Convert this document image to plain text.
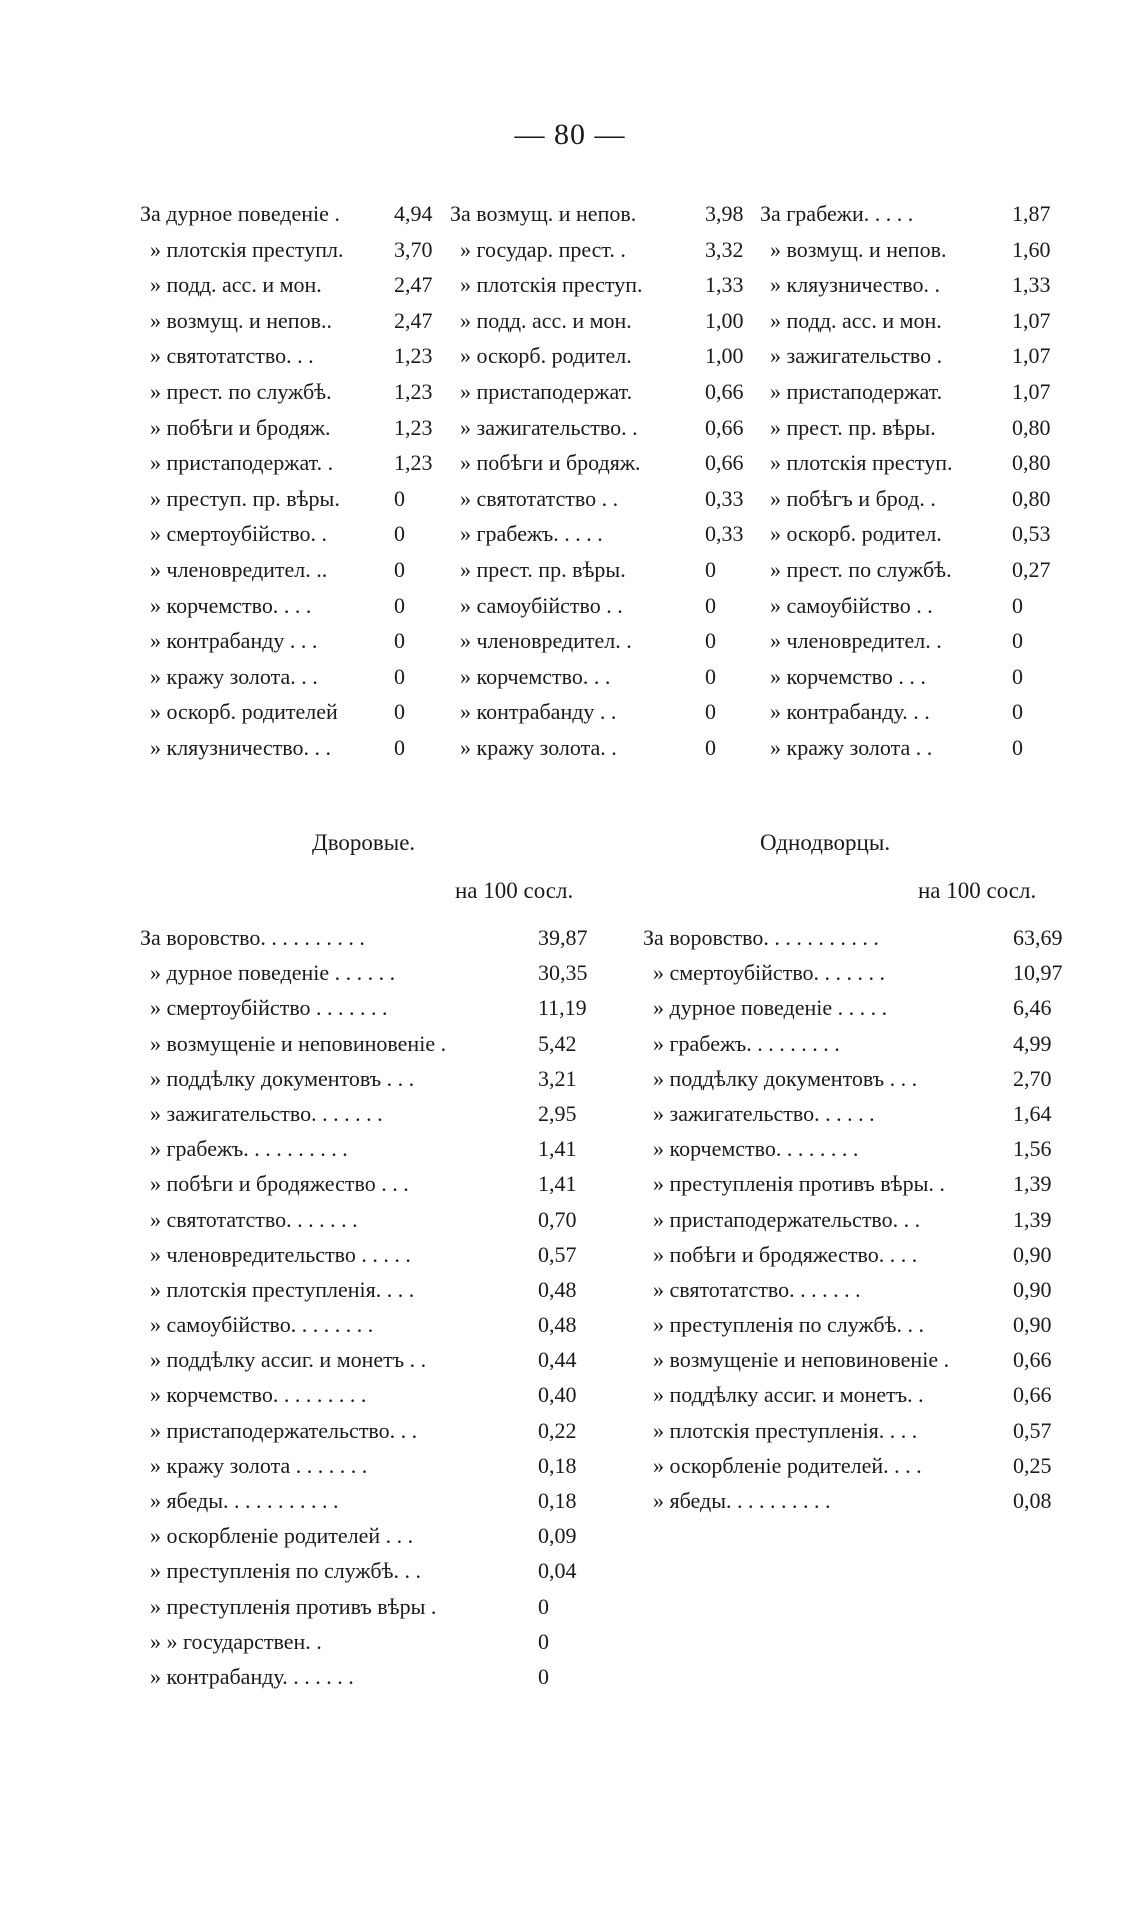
— 80 —
За дурное поведеніе . 4,94
» плотскія преступл. 3,70
» подд. асс. и мон.	2,47
» возмущ. и непов..	2,47
» святотатство. . .	1,23
» прест. по службѣ.	1,23
» побѣги и бродяж.	1,23
» пристаподержат. .	1,23
» преступ. пр. вѣры. 0
» смертоубійство. .	0
» членовредител. ..	0
» корчемство. . . .	0
» контрабанду . . .	0
» кражу золота. . .	0
» оскорб. родителей	0
» кляузничество. . .	0
За возмущ. и непов.	3,98
» государ. прест. .	3,32
» плотскія преступ.	1,33
» подд. асс. и мон.	1,00
» оскорб. родител.	1,00
» пристаподержат.	0,66
» зажигательство. .	0,66
» побѣги и бродяж.	0,66
» святотатство . .	0,33
» грабежъ. . . . .	0,33
» прест. пр. вѣры.	0
» самоубійство . .	0
» членовредител. .	0
» корчемство. . .	0
» контрабанду . .	0
» кражу золота. .	0
За грабежи. . . . .	1,87
» возмущ. и непов.	1,60
» кляузничество. .	1,33
» подд. асс. и мон.	1,07
» зажигательство .	1,07
» пристаподержат.	1,07
» прест. пр. вѣры.	0,80
» плотскія преступ.	0,80
» побѣгъ и брод. .	0,80
» оскорб. родител.	0,53
» прест. по службѣ.	0,27
» самоубійство . .	0
» членовредител. .	0
» корчемство . . .	0
» контрабанду. . .	0
» кражу золота . .	0
Дворовые.
на 100 сосл.
Однодворцы.
на 100 сосл.
За воровство. . . . . . . . . .	39,87
» дурное поведеніе . . . . . .	30,35
» смертоубійство . . . . . . .	11,19
» возмущеніе и неповиновеніе .	5,42
» поддѣлку документовъ . . .	3,21
» зажигательство. . . . . . .	2,95
» грабежъ. . . . . . . . . .	1,41
» побѣги и бродяжество . . .	1,41
» святотатство. . . . . . .	0,70
» членовредительство . . . . .	0,57
» плотскія преступленія. . . .	0,48
» самоубійство. . . . . . . .	0,48
» поддѣлку ассиг. и монетъ . .	0,44
» корчемство. . . . . . . . .	0,40
» пристаподержательство. . .	0,22
» кражу золота . . . . . . .	0,18
» ябеды. . . . . . . . . . .	0,18
» оскорбленіе родителей . . .	0,09
» преступленія по службѣ. . .	0,04
» преступленія противъ вѣры .	0
» » государствен. .	0
» контрабанду. . . . . . .	0
За воровство. . . . . . . . . . .	63,69
» смертоубійство. . . . . . .	10,97
» дурное поведеніе . . . . .	6,46
» грабежъ. . . . . . . . .	4,99
» поддѣлку документовъ . . .	2,70
» зажигательство. . . . . .	1,64
» корчемство. . . . . . . .	1,56
» преступленія противъ вѣры. .	1,39
» пристаподержательство. . .	1,39
» побѣги и бродяжество. . . .	0,90
» святотатство. . . . . . .	0,90
» преступленія по службѣ. . .	0,90
» возмущеніе и неповиновеніе .	0,66
» поддѣлку ассиг. и монетъ. .	0,66
» плотскія преступленія. . . .	0,57
» оскорбленіе родителей. . . .	0,25
» ябеды. . . . . . . . . .	0,08
